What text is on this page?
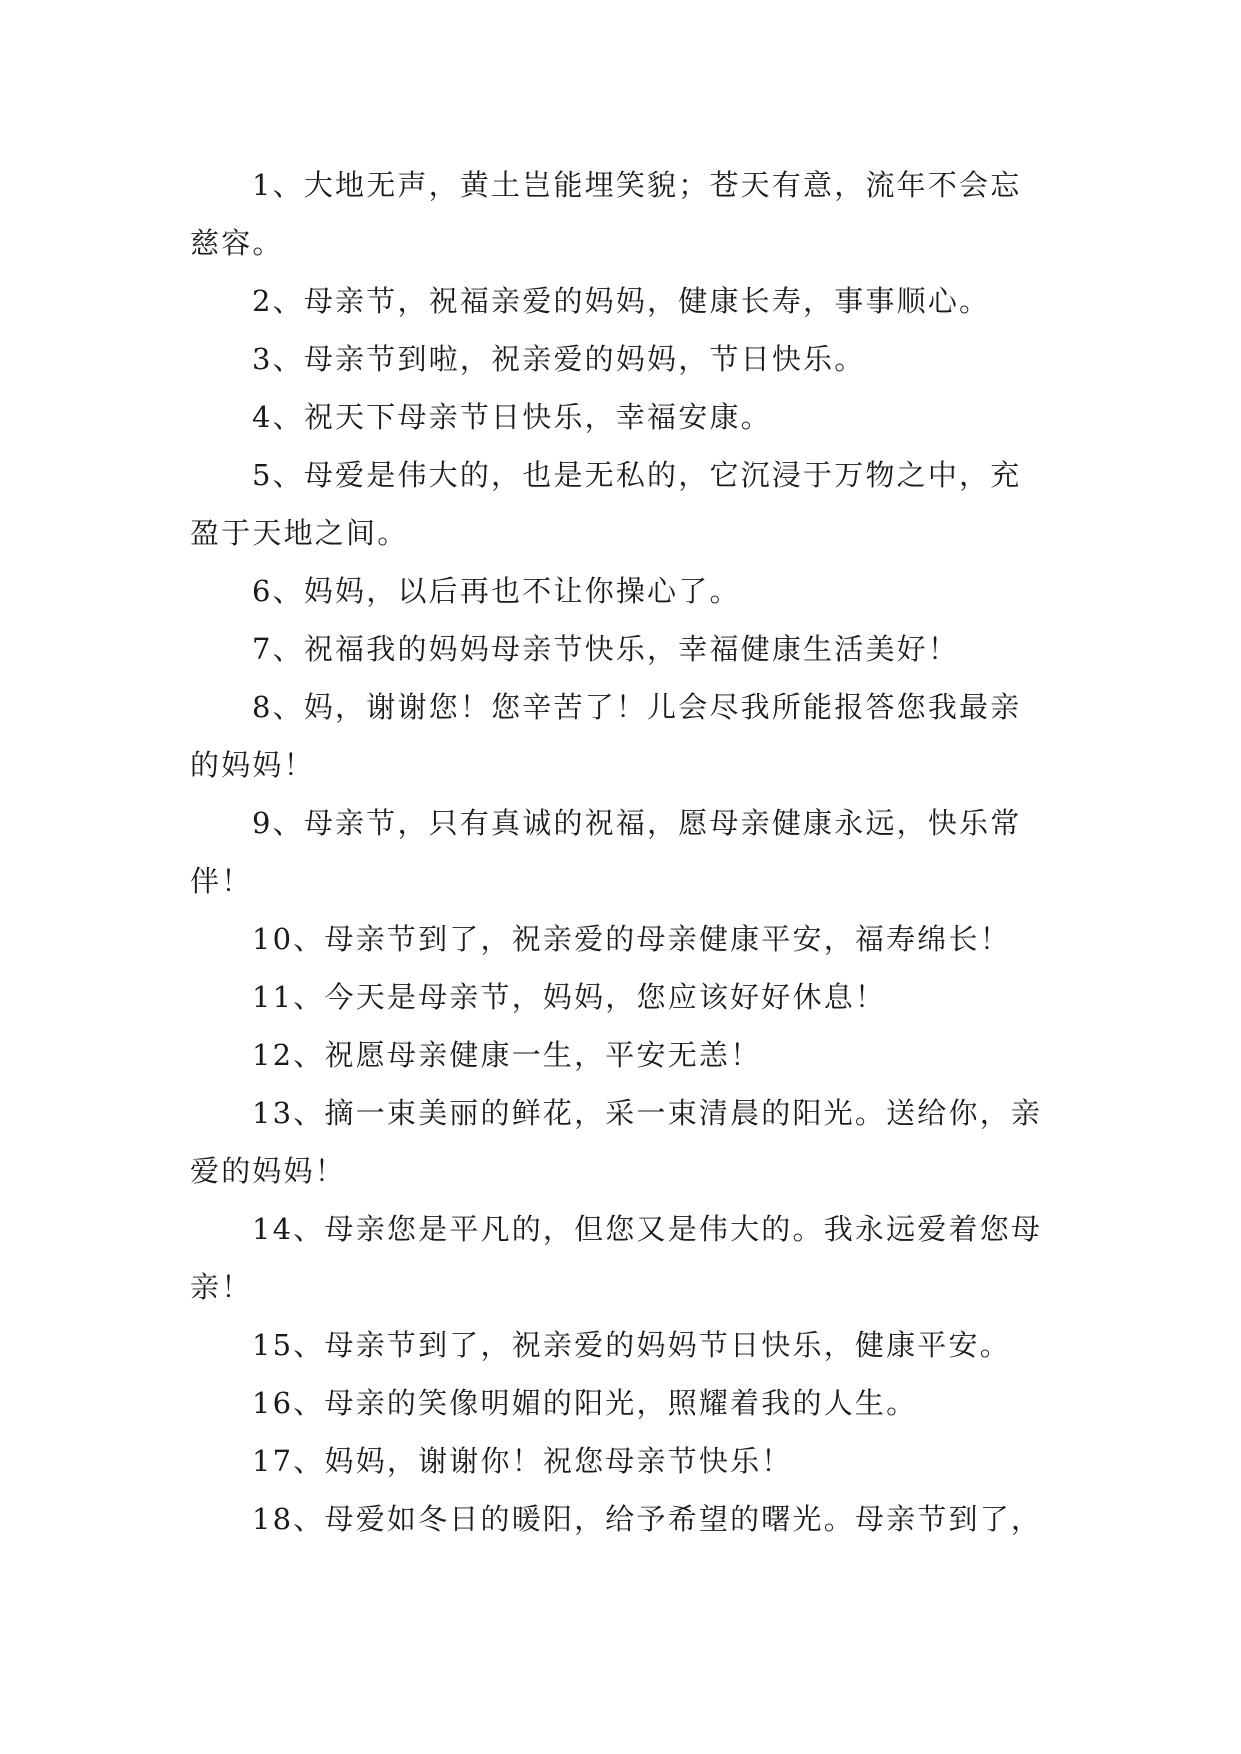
1、大地无声，黄土岂能埋笑貌；苍天有意，流年不会忘慈容。

2、母亲节，祝福亲爱的妈妈，健康长寿，事事顺心。

3、母亲节到啦，祝亲爱的妈妈，节日快乐。

4、祝天下母亲节日快乐，幸福安康。

5、母爱是伟大的，也是无私的，它沉浸于万物之中，充盈于天地之间。

6、妈妈，以后再也不让你操心了。

7、祝福我的妈妈母亲节快乐，幸福健康生活美好！

8、妈，谢谢您！您辛苦了！儿会尽我所能报答您我最亲的妈妈！

9、母亲节，只有真诚的祝福，愿母亲健康永远，快乐常伴！

10、母亲节到了，祝亲爱的母亲健康平安，福寿绵长！

11、今天是母亲节，妈妈，您应该好好休息！

12、祝愿母亲健康一生，平安无恙！

13、摘一束美丽的鲜花，采一束清晨的阳光。送给你，亲爱的妈妈！

14、母亲您是平凡的，但您又是伟大的。我永远爱着您母亲！

15、母亲节到了，祝亲爱的妈妈节日快乐，健康平安。

16、母亲的笑像明媚的阳光，照耀着我的人生。

17、妈妈，谢谢你！祝您母亲节快乐！

18、母爱如冬日的暖阳，给予希望的曙光。母亲节到了，
